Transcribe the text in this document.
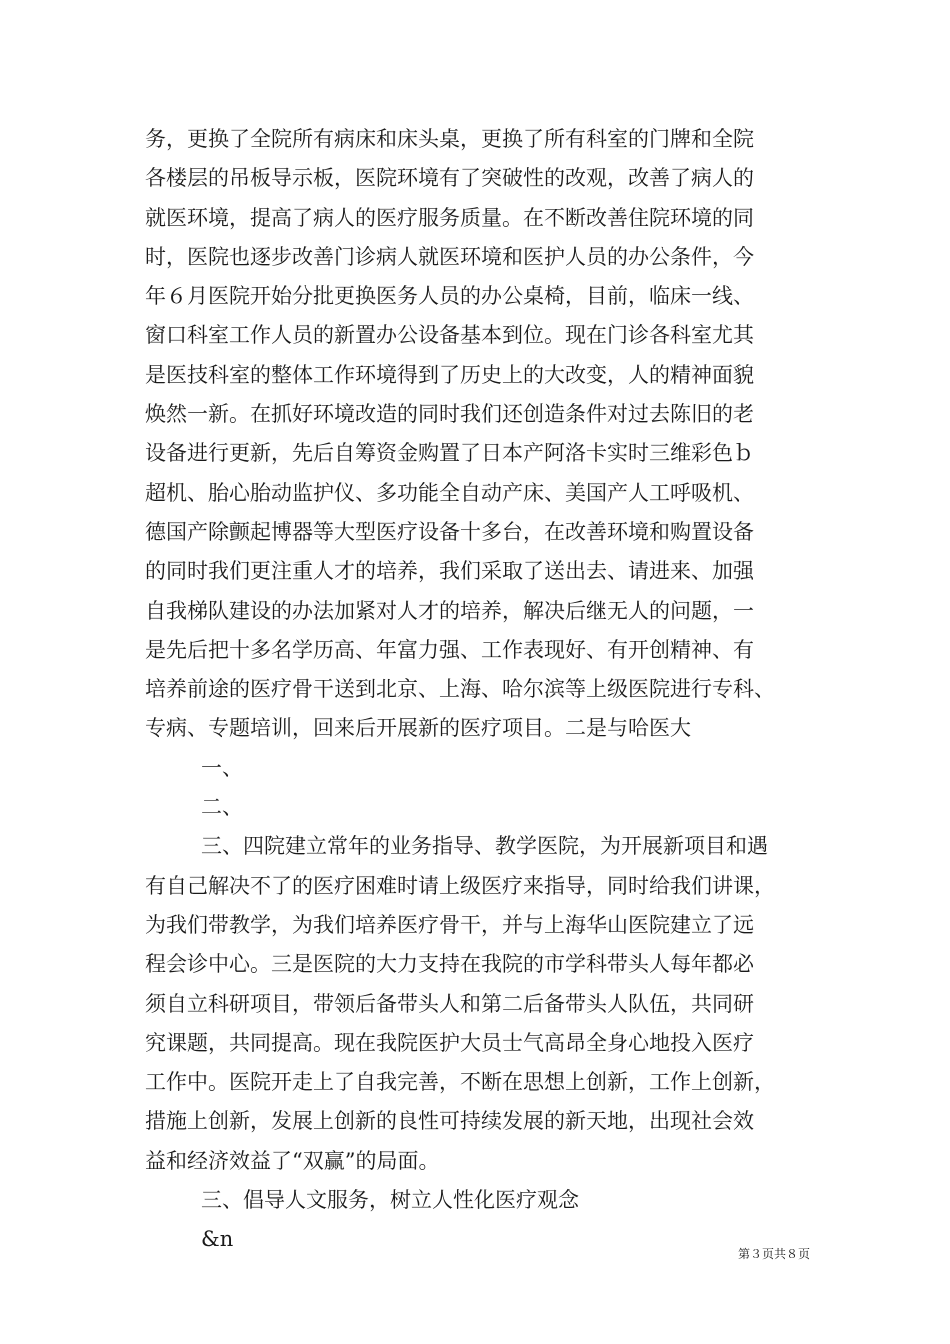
务，更换了全院所有病床和床头桌，更换了所有科室的门牌和全院
各楼层的吊板导示板，医院环境有了突破性的改观，改善了病人的
就医环境，提高了病人的医疗服务质量。在不断改善住院环境的同
时，医院也逐步改善门诊病人就医环境和医护人员的办公条件，今
年６月医院开始分批更换医务人员的办公桌椅，目前，临床一线、
窗口科室工作人员的新置办公设备基本到位。现在门诊各科室尤其
是医技科室的整体工作环境得到了历史上的大改变，人的精神面貌
焕然一新。在抓好环境改造的同时我们还创造条件对过去陈旧的老
设备进行更新，先后自筹资金购置了日本产阿洛卡实时三维彩色ｂ
超机、胎心胎动监护仪、多功能全自动产床、美国产人工呼吸机、
德国产除颤起博器等大型医疗设备十多台，在改善环境和购置设备
的同时我们更注重人才的培养，我们采取了送出去、请进来、加强
自我梯队建设的办法加紧对人才的培养，解决后继无人的问题，一
是先后把十多名学历高、年富力强、工作表现好、有开创精神、有
培养前途的医疗骨干送到北京、上海、哈尔滨等上级医院进行专科、
专病、专题培训，回来后开展新的医疗项目。二是与哈医大
一、
二、
三、四院建立常年的业务指导、教学医院，为开展新项目和遇
有自己解决不了的医疗困难时请上级医疗来指导，同时给我们讲课，
为我们带教学，为我们培养医疗骨干，并与上海华山医院建立了远
程会诊中心。三是医院的大力支持在我院的市学科带头人每年都必
须自立科研项目，带领后备带头人和第二后备带头人队伍，共同研
究课题，共同提高。现在我院医护大员士气高昂全身心地投入医疗
工作中。医院开走上了自我完善，不断在思想上创新，工作上创新，
措施上创新，发展上创新的良性可持续发展的新天地，出现社会效
益和经济效益了“双赢”的局面。
三、倡导人文服务，树立人性化医疗观念
&n
第３页共８页
